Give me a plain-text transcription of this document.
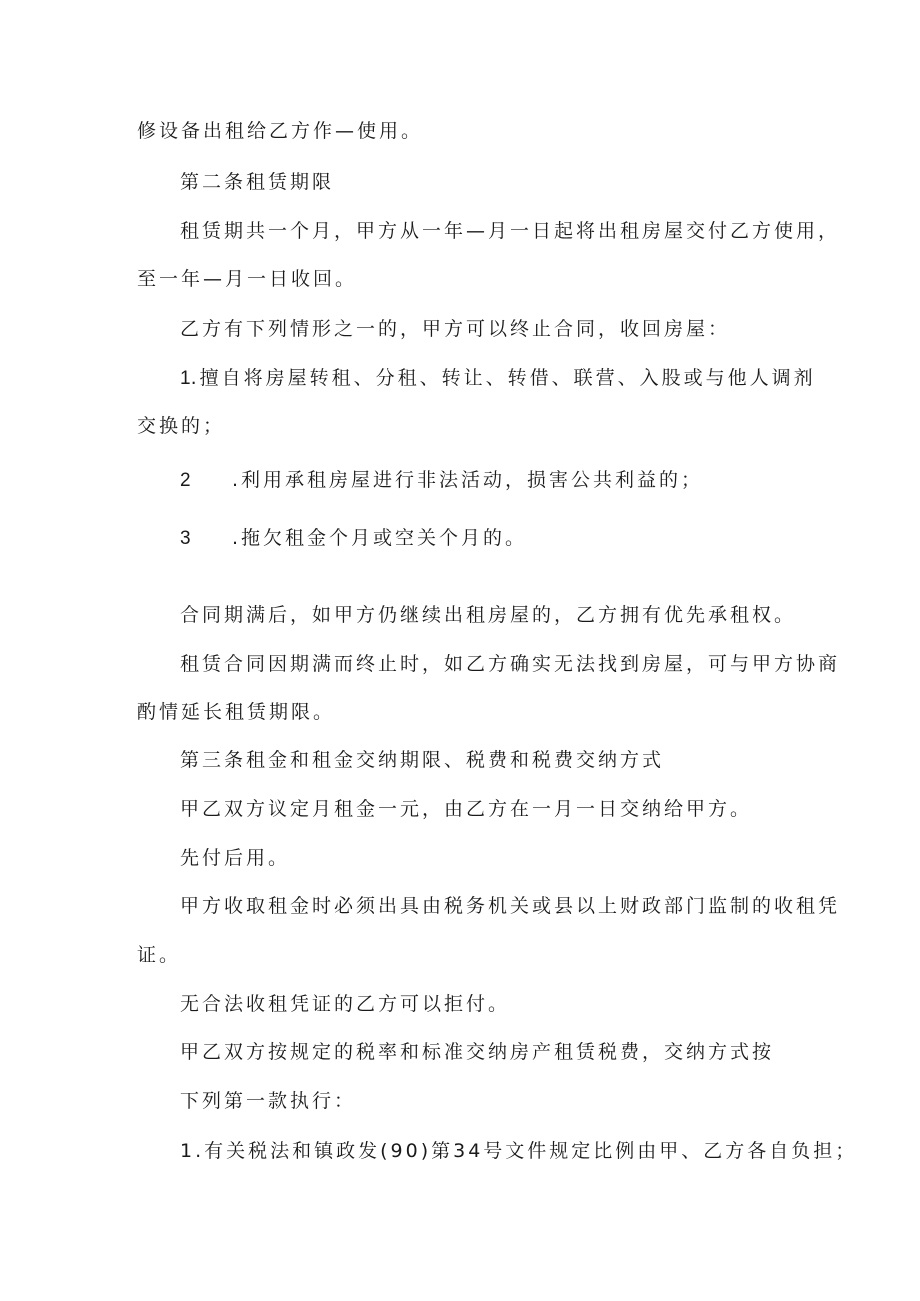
修设备出租给乙方作—使用。
第二条租赁期限
租赁期共一个月，甲方从一年—月一日起将出租房屋交付乙方使用，
至一年—月一日收回。
乙方有下列情形之一的，甲方可以终止合同，收回房屋：
1.擅自将房屋转租、分租、转让、转借、联营、入股或与他人调剂
交换的；
2 .利用承租房屋进行非法活动，损害公共利益的；
3 .拖欠租金个月或空关个月的。
合同期满后，如甲方仍继续出租房屋的，乙方拥有优先承租权。
租赁合同因期满而终止时，如乙方确实无法找到房屋，可与甲方协商
酌情延长租赁期限。
第三条租金和租金交纳期限、税费和税费交纳方式
甲乙双方议定月租金一元，由乙方在一月一日交纳给甲方。
先付后用。
甲方收取租金时必须出具由税务机关或县以上财政部门监制的收租凭
证。
无合法收租凭证的乙方可以拒付。
甲乙双方按规定的税率和标准交纳房产租赁税费，交纳方式按
下列第一款执行：
1.有关税法和镇政发(90)第34号文件规定比例由甲、乙方各自负担；
